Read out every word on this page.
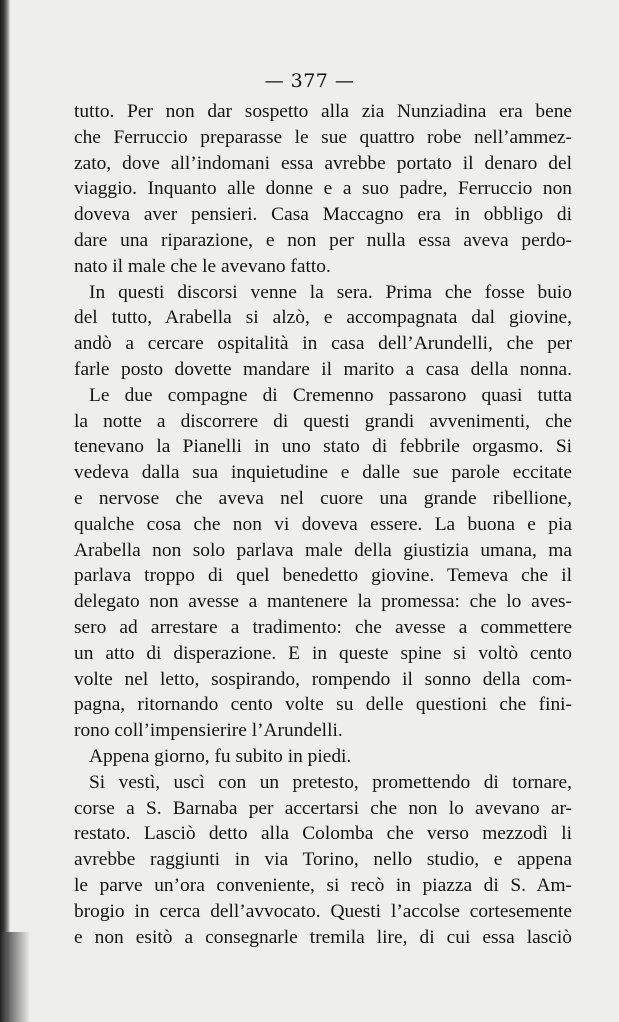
— 377 —
tutto. Per non dar sospetto alla zia Nunziadina era bene
che Ferruccio preparasse le sue quattro robe nell’ammez-
zato, dove all’indomani essa avrebbe portato il denaro del
viaggio. Inquanto alle donne e a suo padre, Ferruccio non
doveva aver pensieri. Casa Maccagno era in obbligo di
dare una riparazione, e non per nulla essa aveva perdo-
nato il male che le avevano fatto.
In questi discorsi venne la sera. Prima che fosse buio
del tutto, Arabella si alzò, e accompagnata dal giovine,
andò a cercare ospitalità in casa dell’Arundelli, che per
farle posto dovette mandare il marito a casa della nonna.
Le due compagne di Cremenno passarono quasi tutta
la notte a discorrere di questi grandi avvenimenti, che
tenevano la Pianelli in uno stato di febbrile orgasmo. Si
vedeva dalla sua inquietudine e dalle sue parole eccitate
e nervose che aveva nel cuore una grande ribellione,
qualche cosa che non vi doveva essere. La buona e pia
Arabella non solo parlava male della giustizia umana, ma
parlava troppo di quel benedetto giovine. Temeva che il
delegato non avesse a mantenere la promessa: che lo aves-
sero ad arrestare a tradimento: che avesse a commettere
un atto di disperazione. E in queste spine si voltò cento
volte nel letto, sospirando, rompendo il sonno della com-
pagna, ritornando cento volte su delle questioni che fini-
rono coll’impensierire l’Arundelli.
Appena giorno, fu subito in piedi.
Si vestì, uscì con un pretesto, promettendo di tornare,
corse a S. Barnaba per accertarsi che non lo avevano ar-
restato. Lasciò detto alla Colomba che verso mezzodì li
avrebbe raggiunti in via Torino, nello studio, e appena
le parve un’ora conveniente, si recò in piazza di S. Am-
brogio in cerca dell’avvocato. Questi l’accolse cortesemente
e non esitò a consegnarle tremila lire, di cui essa lasciò
